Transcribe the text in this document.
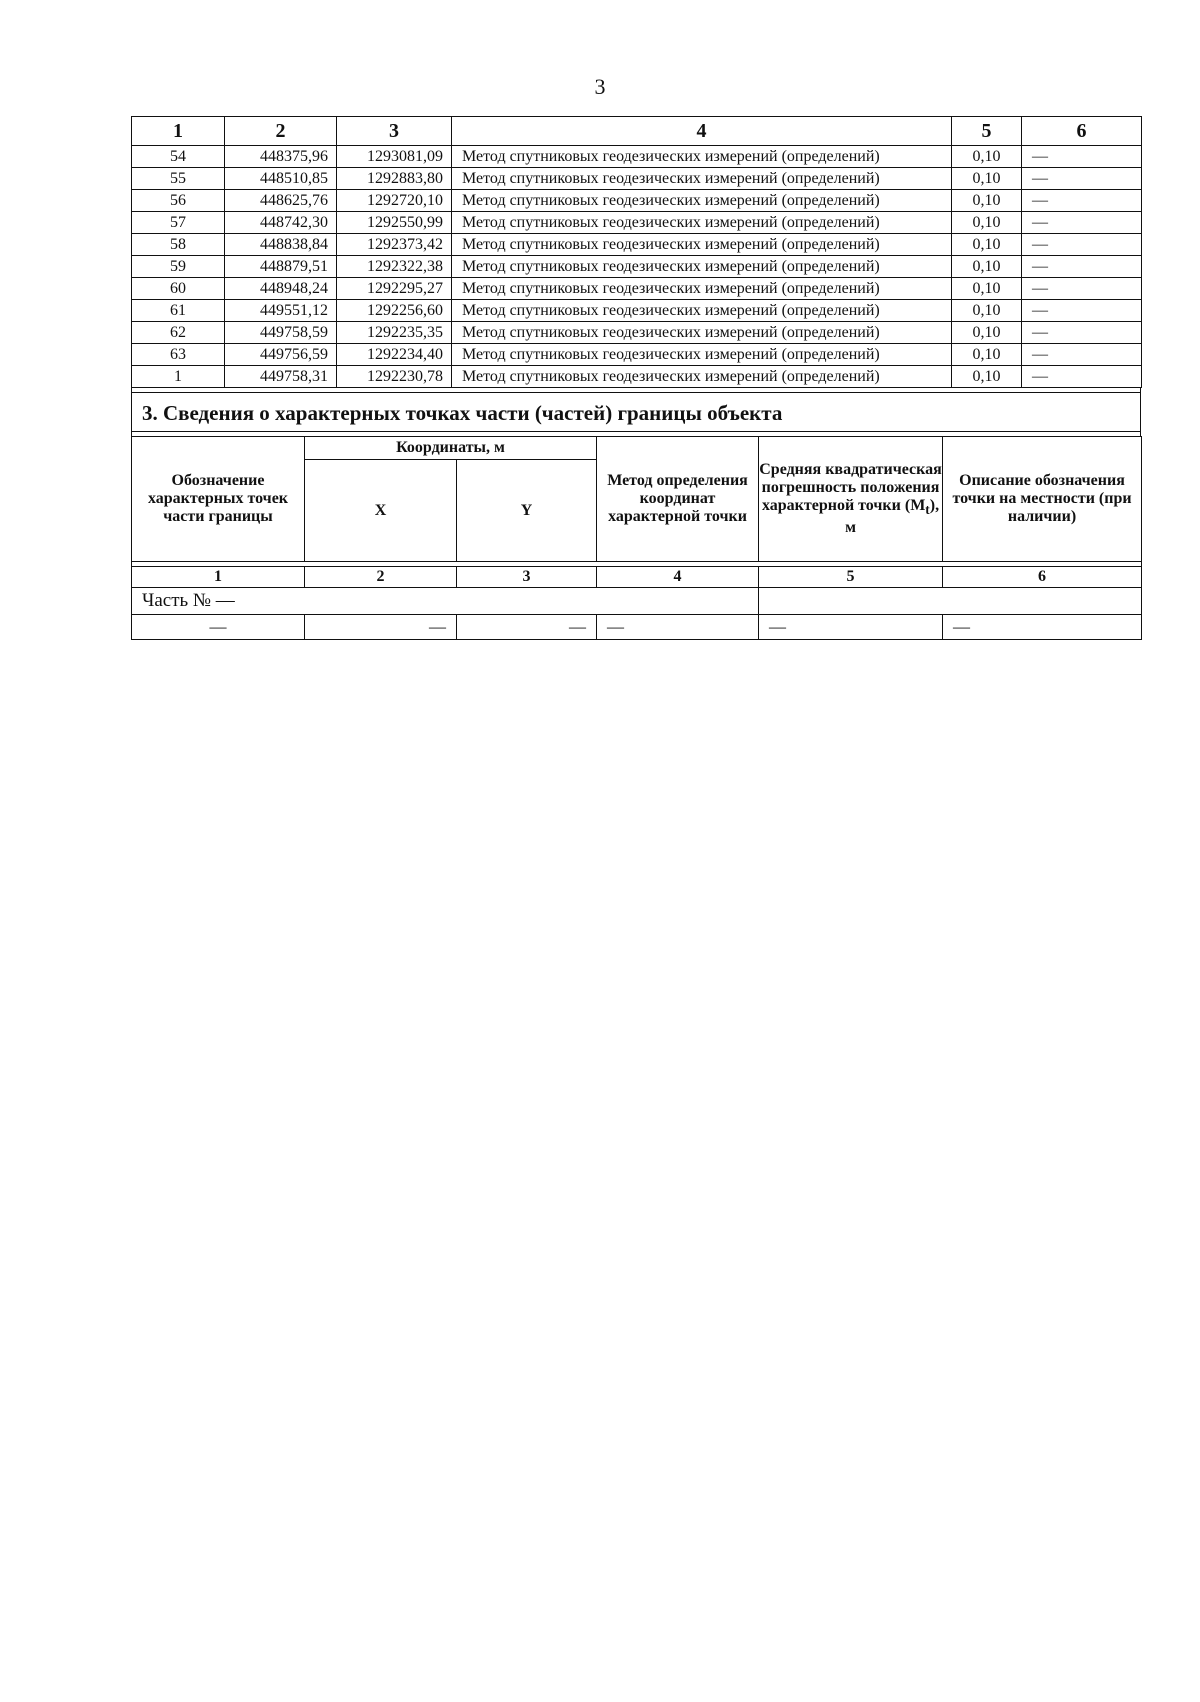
3
1	2	3	4	5	6
54	448375,96	1293081,09	Метод спутниковых геодезических измерений (определений)	0,10	—
55	448510,85	1292883,80	Метод спутниковых геодезических измерений (определений)	0,10	—
56	448625,76	1292720,10	Метод спутниковых геодезических измерений (определений)	0,10	—
57	448742,30	1292550,99	Метод спутниковых геодезических измерений (определений)	0,10	—
58	448838,84	1292373,42	Метод спутниковых геодезических измерений (определений)	0,10	—
59	448879,51	1292322,38	Метод спутниковых геодезических измерений (определений)	0,10	—
60	448948,24	1292295,27	Метод спутниковых геодезических измерений (определений)	0,10	—
61	449551,12	1292256,60	Метод спутниковых геодезических измерений (определений)	0,10	—
62	449758,59	1292235,35	Метод спутниковых геодезических измерений (определений)	0,10	—
63	449756,59	1292234,40	Метод спутниковых геодезических измерений (определений)	0,10	—
1	449758,31	1292230,78	Метод спутниковых геодезических измерений (определений)	0,10	—
3. Сведения о характерных точках части (частей) границы объекта
Обозначение характерных точек части границы	Координаты, м		Метод определения координат характерной точки	Средняя квадратическая погрешность положения характерной точки $(M_t)$, м	Описание обозначения точки на местности (при наличии)
	X	Y			

1	2	3	4	5	6
Часть № —					
—	—	—	—	—	—
